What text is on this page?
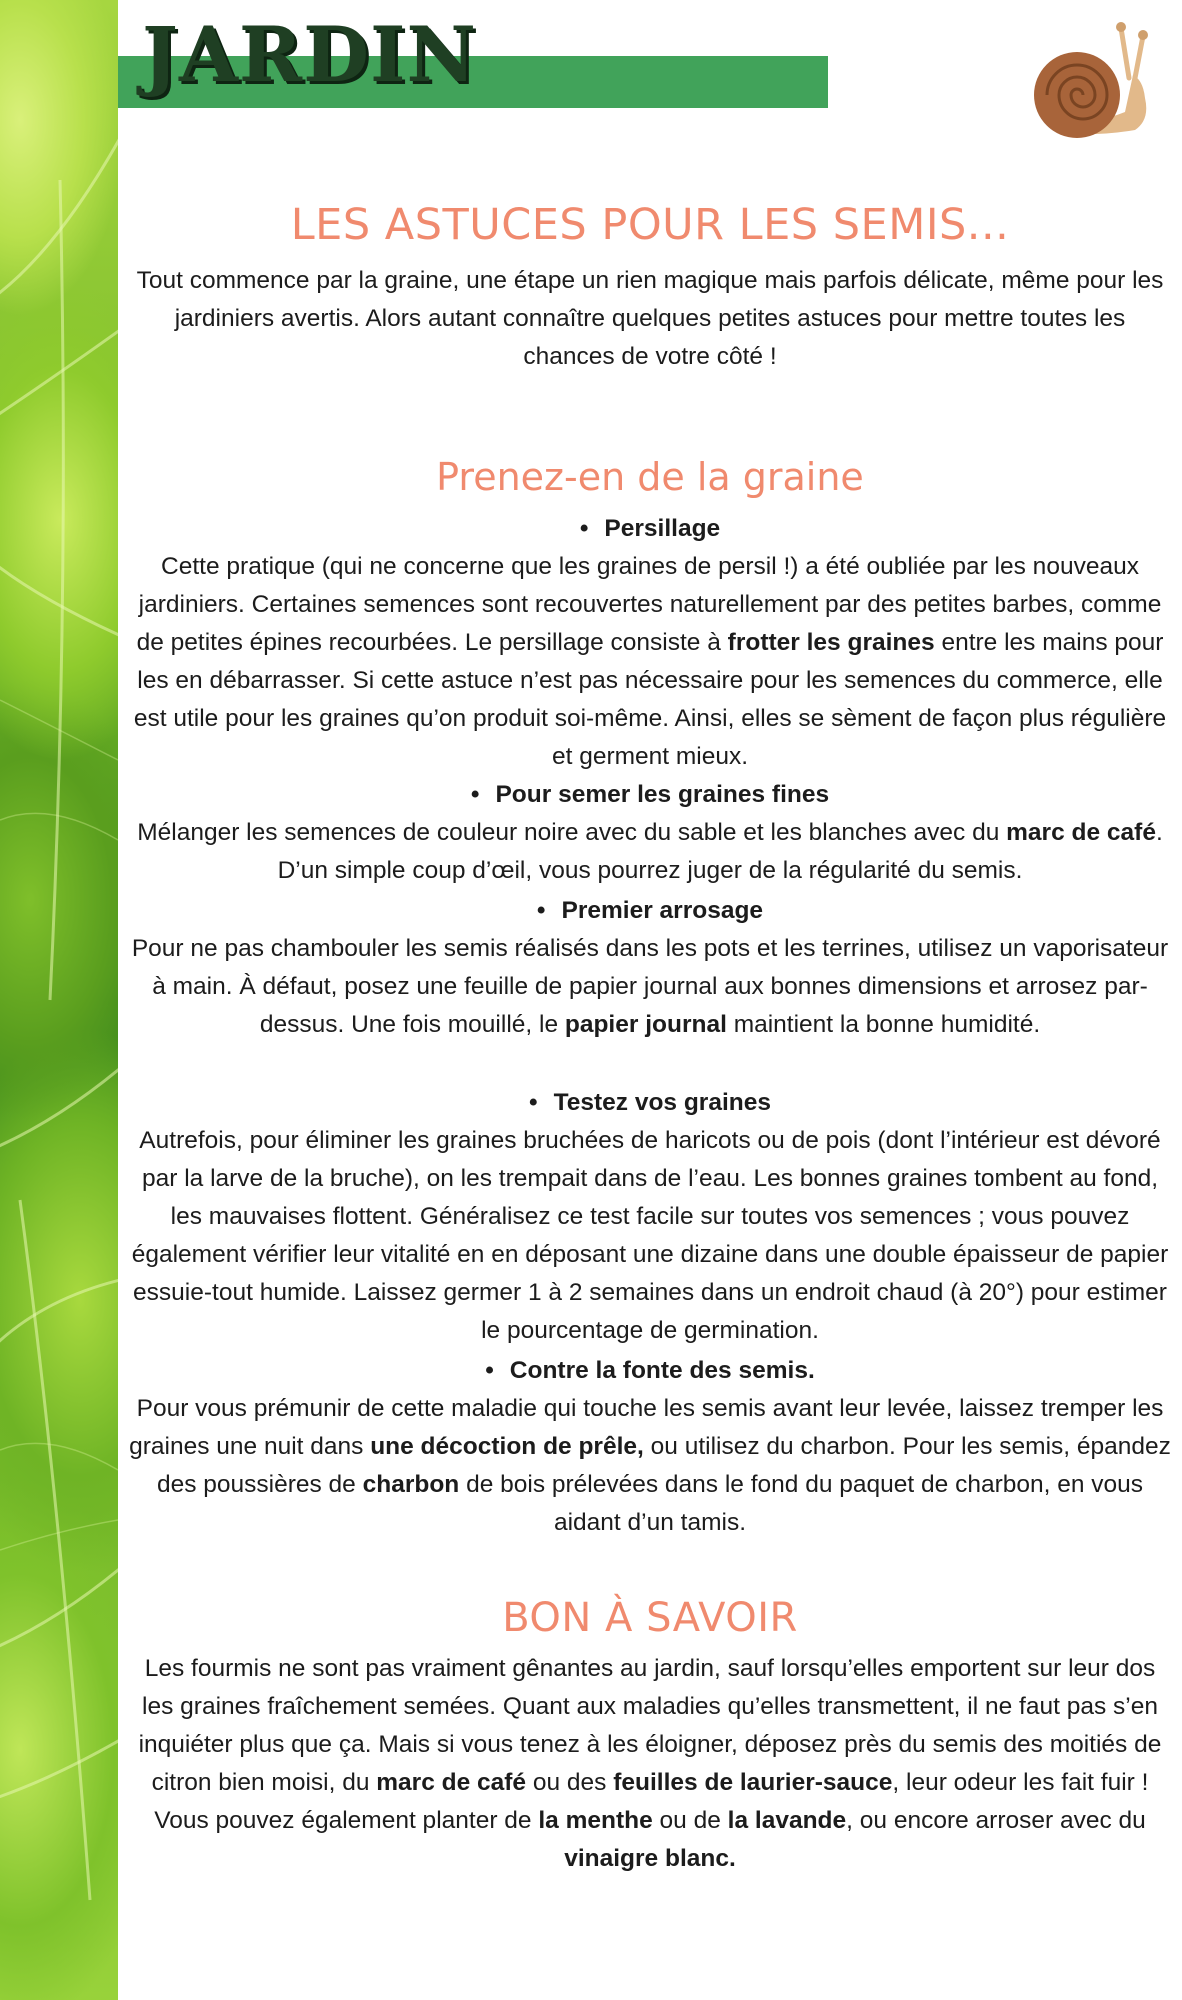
JARDIN
LES ASTUCES POUR LES SEMIS...

Tout commence par la graine, une étape un rien magique mais parfois délicate, même pour les jardiniers avertis. Alors autant connaître quelques petites astuces pour mettre toutes les chances de votre côté !

Prenez-en de la graine

• Persillage

Cette pratique (qui ne concerne que les graines de persil !) a été oubliée par les nouveaux jardiniers. Certaines semences sont recouvertes naturellement par des petites barbes, comme de petites épines recourbées. Le persillage consiste à frotter les graines entre les mains pour les en débarrasser. Si cette astuce n’est pas nécessaire pour les semences du commerce, elle est utile pour les graines qu’on produit soi-même. Ainsi, elles se sèment de façon plus régulière et germent mieux.

• Pour semer les graines fines

Mélanger les semences de couleur noire avec du sable et les blanches avec du marc de café. D’un simple coup d’œil, vous pourrez juger de la régularité du semis.

• Premier arrosage

Pour ne pas chambouler les semis réalisés dans les pots et les terrines, utilisez un vaporisateur à main. À défaut, posez une feuille de papier journal aux bonnes dimensions et arrosez par-dessus. Une fois mouillé, le papier journal maintient la bonne humidité.

• Testez vos graines

Autrefois, pour éliminer les graines bruchées de haricots ou de pois (dont l’intérieur est dévoré par la larve de la bruche), on les trempait dans de l’eau. Les bonnes graines tombent au fond, les mauvaises flottent. Généralisez ce test facile sur toutes vos semences ; vous pouvez également vérifier leur vitalité en en déposant une dizaine dans une double épaisseur de papier essuie-tout humide. Laissez germer 1 à 2 semaines dans un endroit chaud (à 20°) pour estimer le pourcentage de germination.

• Contre la fonte des semis.

Pour vous prémunir de cette maladie qui touche les semis avant leur levée, laissez tremper les graines une nuit dans une décoction de prêle, ou utilisez du charbon. Pour les semis, épandez des poussières de charbon de bois prélevées dans le fond du paquet de charbon, en vous aidant d’un tamis.

BON À SAVOIR

Les fourmis ne sont pas vraiment gênantes au jardin, sauf lorsqu’elles emportent sur leur dos les graines fraîchement semées. Quant aux maladies qu’elles transmettent, il ne faut pas s’en inquiéter plus que ça. Mais si vous tenez à les éloigner, déposez près du semis des moitiés de citron bien moisi, du marc de café ou des feuilles de laurier-sauce, leur odeur les fait fuir ! Vous pouvez également planter de la menthe ou de la lavande, ou encore arroser avec du vinaigre blanc.
